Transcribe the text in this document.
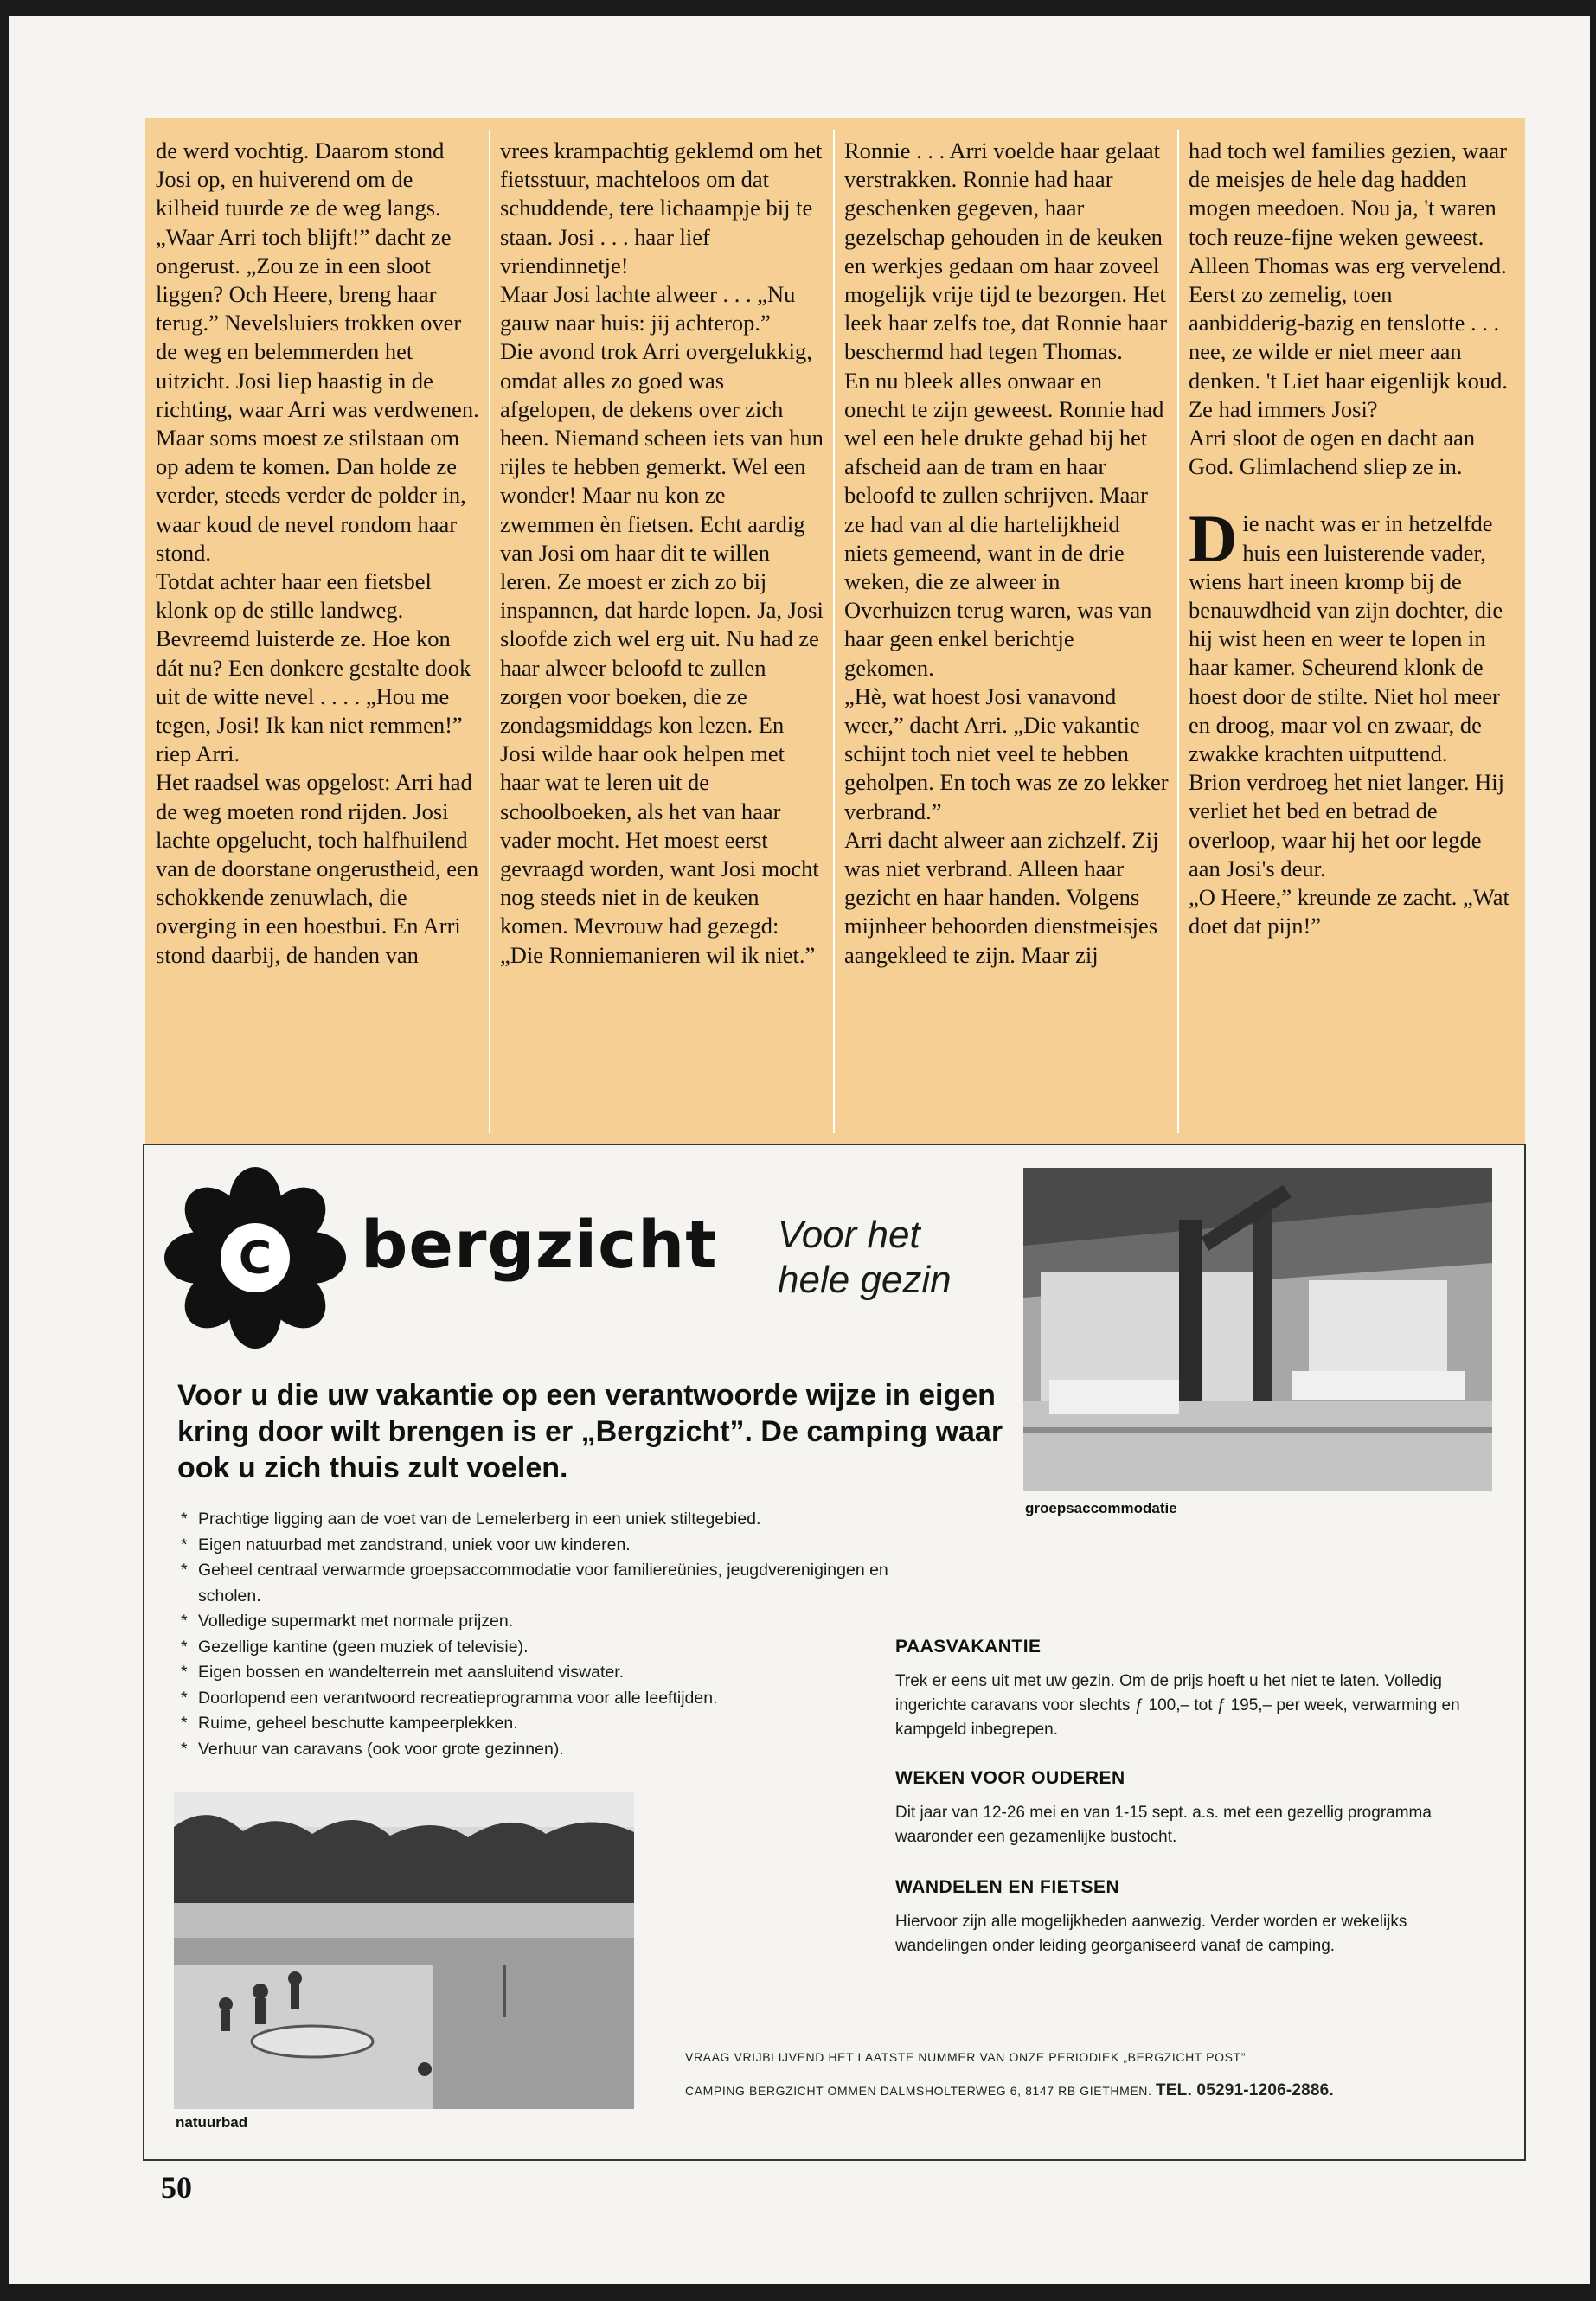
de werd vochtig. Daarom stond Josi op, en huiverend om de kilheid tuurde ze de weg langs.

„Waar Arri toch blijft!” dacht ze ongerust. „Zou ze in een sloot liggen? Och Heere, breng haar terug.” Nevelsluiers trokken over de weg en belemmerden het uitzicht. Josi liep haastig in de richting, waar Arri was verdwenen. Maar soms moest ze stilstaan om op adem te komen. Dan holde ze verder, steeds verder de polder in, waar koud de nevel rondom haar stond.

Totdat achter haar een fietsbel klonk op de stille landweg. Bevreemd luisterde ze. Hoe kon dát nu? Een donkere gestalte dook uit de witte nevel . . . . „Hou me tegen, Josi! Ik kan niet remmen!” riep Arri.

Het raadsel was opgelost: Arri had de weg moeten rond rijden. Josi lachte opgelucht, toch halfhuilend van de doorstane ongerustheid, een schokkende zenuwlach, die overging in een hoestbui. En Arri stond daarbij, de handen van

vrees krampachtig geklemd om het fietsstuur, machteloos om dat schuddende, tere lichaampje bij te staan. Josi . . . haar lief vriendinnetje!

Maar Josi lachte alweer . . . „Nu gauw naar huis: jij achterop.”

Die avond trok Arri overgelukkig, omdat alles zo goed was afgelopen, de dekens over zich heen. Niemand scheen iets van hun rijles te hebben gemerkt. Wel een wonder! Maar nu kon ze zwemmen èn fietsen. Echt aardig van Josi om haar dit te willen leren. Ze moest er zich zo bij inspannen, dat harde lopen. Ja, Josi sloofde zich wel erg uit. Nu had ze haar alweer beloofd te zullen zorgen voor boeken, die ze zondagsmiddags kon lezen. En Josi wilde haar ook helpen met haar wat te leren uit de schoolboeken, als het van haar vader mocht. Het moest eerst gevraagd worden, want Josi mocht nog steeds niet in de keuken komen. Mevrouw had gezegd: „Die Ronniemanieren wil ik niet.”

Ronnie . . . Arri voelde haar gelaat verstrakken. Ronnie had haar geschenken gegeven, haar gezelschap gehouden in de keuken en werkjes gedaan om haar zoveel mogelijk vrije tijd te bezorgen. Het leek haar zelfs toe, dat Ronnie haar beschermd had tegen Thomas.

En nu bleek alles onwaar en onecht te zijn geweest. Ronnie had wel een hele drukte gehad bij het afscheid aan de tram en haar beloofd te zullen schrijven. Maar ze had van al die hartelijkheid niets gemeend, want in de drie weken, die ze alweer in Overhuizen terug waren, was van haar geen enkel berichtje gekomen.

„Hè, wat hoest Josi vanavond weer,” dacht Arri. „Die vakantie schijnt toch niet veel te hebben geholpen. En toch was ze zo lekker verbrand.”

Arri dacht alweer aan zichzelf. Zij was niet verbrand. Alleen haar gezicht en haar handen. Volgens mijnheer behoorden dienstmeisjes aangekleed te zijn. Maar zij

had toch wel families gezien, waar de meisjes de hele dag hadden mogen meedoen. Nou ja, 't waren toch reuze-fijne weken geweest. Alleen Thomas was erg vervelend. Eerst zo zemelig, toen aanbidderig-bazig en tenslotte . . . nee, ze wilde er niet meer aan denken. 't Liet haar eigenlijk koud. Ze had immers Josi?

Arri sloot de ogen en dacht aan God. Glimlachend sliep ze in.

Die nacht was er in hetzelfde huis een luisterende vader, wiens hart ineen kromp bij de benauwdheid van zijn dochter, die hij wist heen en weer te lopen in haar kamer. Scheurend klonk de hoest door de stilte. Niet hol meer en droog, maar vol en zwaar, de zwakke krachten uitputtend.

Brion verdroeg het niet langer. Hij verliet het bed en betrad de overloop, waar hij het oor legde aan Josi's deur.

„O Heere,” kreunde ze zacht. „Wat doet dat pijn!”

C bergzicht Voor het
hele gezin
groepsaccommodatie
Voor u die uw vakantie op een verantwoorde wijze in eigen kring door wilt brengen is er „Bergzicht”. De camping waar ook u zich thuis zult voelen.
* Prachtige ligging aan de voet van de Lemelerberg in een uniek stiltegebied.
* Eigen natuurbad met zandstrand, uniek voor uw kinderen.
* Geheel centraal verwarmde groepsaccommodatie voor familiereünies, jeugdverenigingen en scholen.
* Volledige supermarkt met normale prijzen.
* Gezellige kantine (geen muziek of televisie).
* Eigen bossen en wandelterrein met aansluitend viswater.
* Doorlopend een verantwoord recreatieprogramma voor alle leeftijden.
* Ruime, geheel beschutte kampeerplekken.
* Verhuur van caravans (ook voor grote gezinnen).
natuurbad
PAASVAKANTIE

Trek er eens uit met uw gezin. Om de prijs hoeft u het niet te laten. Volledig ingerichte caravans voor slechts ƒ 100,– tot ƒ 195,– per week, verwarming en kampgeld inbegrepen.

WEKEN VOOR OUDEREN

Dit jaar van 12-26 mei en van 1-15 sept. a.s. met een gezellig programma waaronder een gezamenlijke bustocht.

WANDELEN EN FIETSEN

Hiervoor zijn alle mogelijkheden aanwezig. Verder worden er wekelijks wandelingen onder leiding georganiseerd vanaf de camping.

VRAAG VRIJBLIJVEND HET LAATSTE NUMMER VAN ONZE PERIODIEK „BERGZICHT POST”
CAMPING BERGZICHT OMMEN DALMSHOLTERWEG 6, 8147 RB GIETHMEN. TEL. 05291-1206-2886.
50
